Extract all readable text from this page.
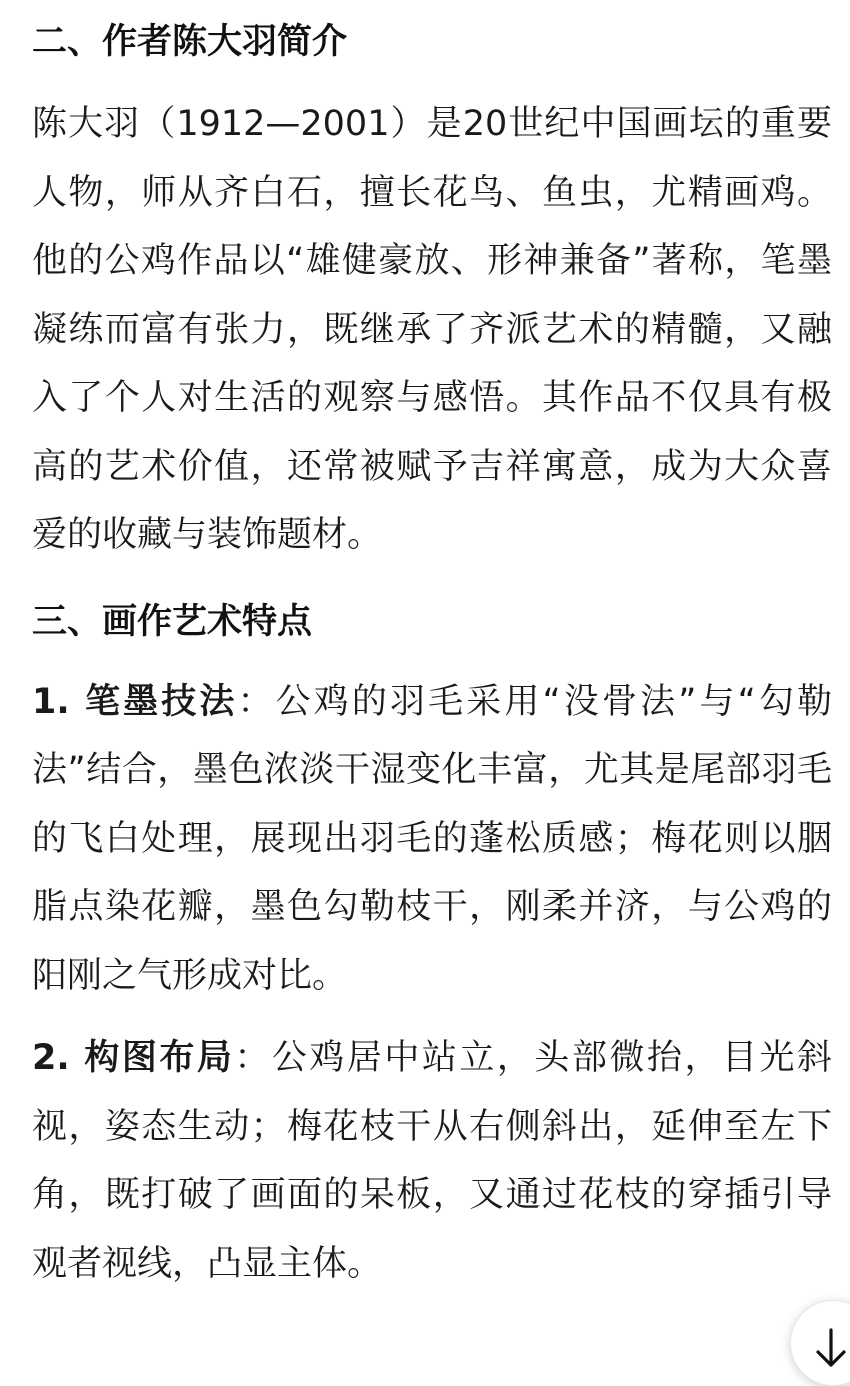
二、作者陈大羽简介

陈大羽（1912—2001）是20世纪中国画坛的重要人物，师从齐白石，擅长花鸟、鱼虫，尤精画鸡。他的公鸡作品以“雄健豪放、形神兼备”著称，笔墨凝练而富有张力，既继承了齐派艺术的精髓，又融入了个人对生活的观察与感悟。其作品不仅具有极高的艺术价值，还常被赋予吉祥寓意，成为大众喜爱的收藏与装饰题材。

三、画作艺术特点

1. 笔墨技法：公鸡的羽毛采用“没骨法”与“勾勒法”结合，墨色浓淡干湿变化丰富，尤其是尾部羽毛的飞白处理，展现出羽毛的蓬松质感；梅花则以胭脂点染花瓣，墨色勾勒枝干，刚柔并济，与公鸡的阳刚之气形成对比。

2. 构图布局：公鸡居中站立，头部微抬，目光斜视，姿态生动；梅花枝干从右侧斜出，延伸至左下角，既打破了画面的呆板，又通过花枝的穿插引导观者视线，凸显主体。
